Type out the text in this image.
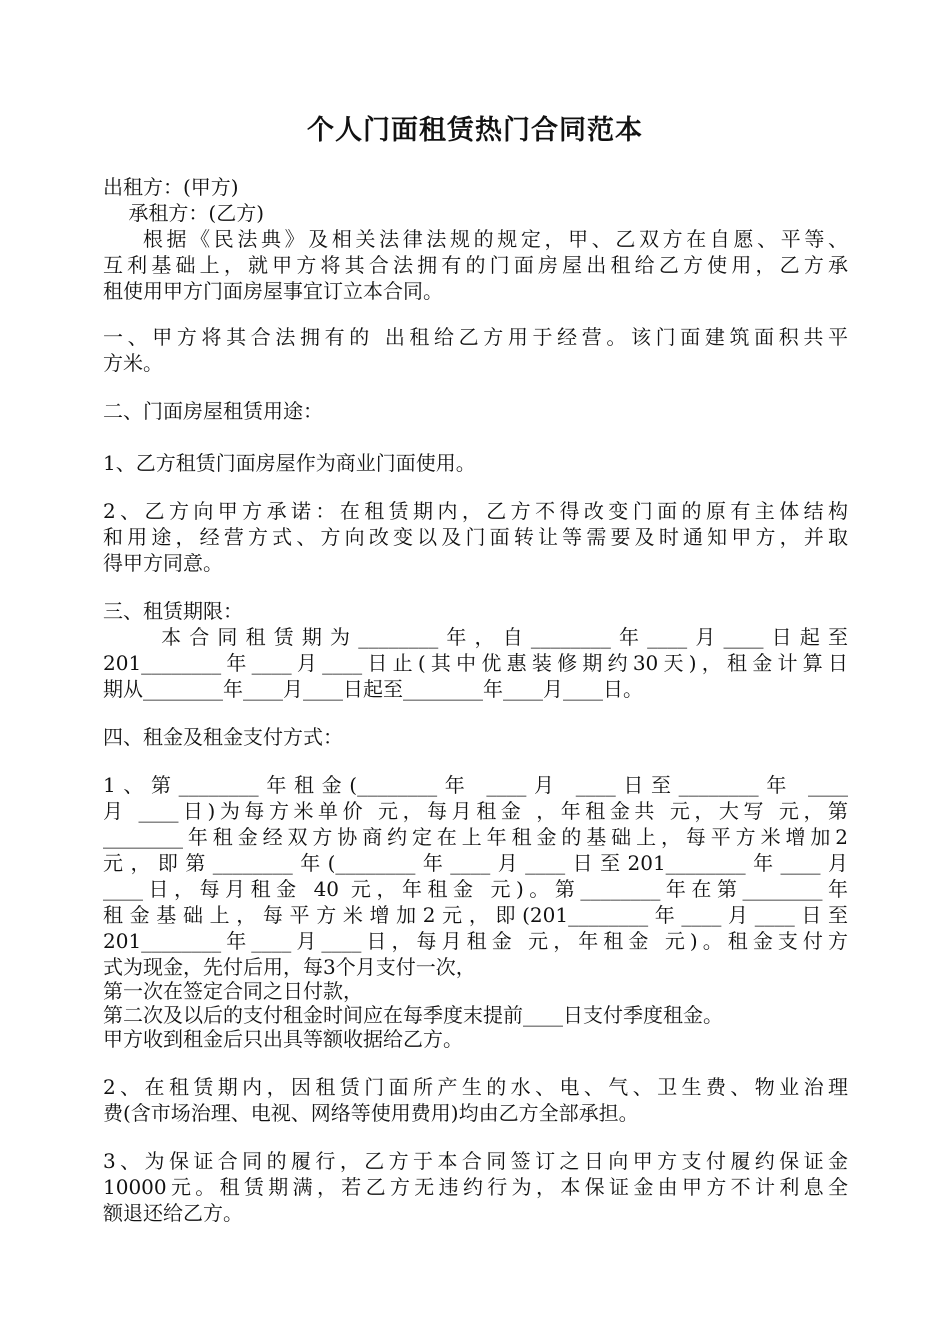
个人门面租赁热门合同范本
出租方：(甲方)
承租方：(乙方)
根据《民法典》及相关法律法规的规定，甲、乙双方在自愿、平等、
互利基础上，就甲方将其合法拥有的门面房屋出租给乙方使用，乙方承
租使用甲方门面房屋事宜订立本合同。
一、甲方将其合法拥有的 出租给乙方用于经营。该门面建筑面积共平
方米。
二、门面房屋租赁用途：
1、乙方租赁门面房屋作为商业门面使用。
2、乙方向甲方承诺：在租赁期内，乙方不得改变门面的原有主体结构
和用途，经营方式、方向改变以及门面转让等需要及时通知甲方，并取
得甲方同意。
三、租赁期限：
本合同租赁期为________年，自________年____月____日起至
201________年____月____日止(其中优惠装修期约30天)，租金计算日
期从________年____月____日起至________年____月____日。
四、租金及租金支付方式：
1、第________年租金(________年 ____月 ____日至________年 ____
月 ____日)为每方米单价 元，每月租金 ，年租金共 元，大写 元，第
________年租金经双方协商约定在上年租金的基础上，每平方米增加2
元，即第________年(________年____月____日至201________年____月
____日，每月租金 40 元，年租金 元)。第________年在第________年
租金基础上，每平方米增加2元，即(201________年____月____日至
201________年____月____日，每月租金 元，年租金 元)。租金支付方
式为现金，先付后用，每3个月支付一次，
第一次在签定合同之日付款，
第二次及以后的支付租金时间应在每季度末提前____日支付季度租金。
甲方收到租金后只出具等额收据给乙方。
2、在租赁期内，因租赁门面所产生的水、电、气、卫生费、物业治理
费(含市场治理、电视、网络等使用费用)均由乙方全部承担。
3、为保证合同的履行，乙方于本合同签订之日向甲方支付履约保证金
10000元。租赁期满，若乙方无违约行为，本保证金由甲方不计利息全
额退还给乙方。
